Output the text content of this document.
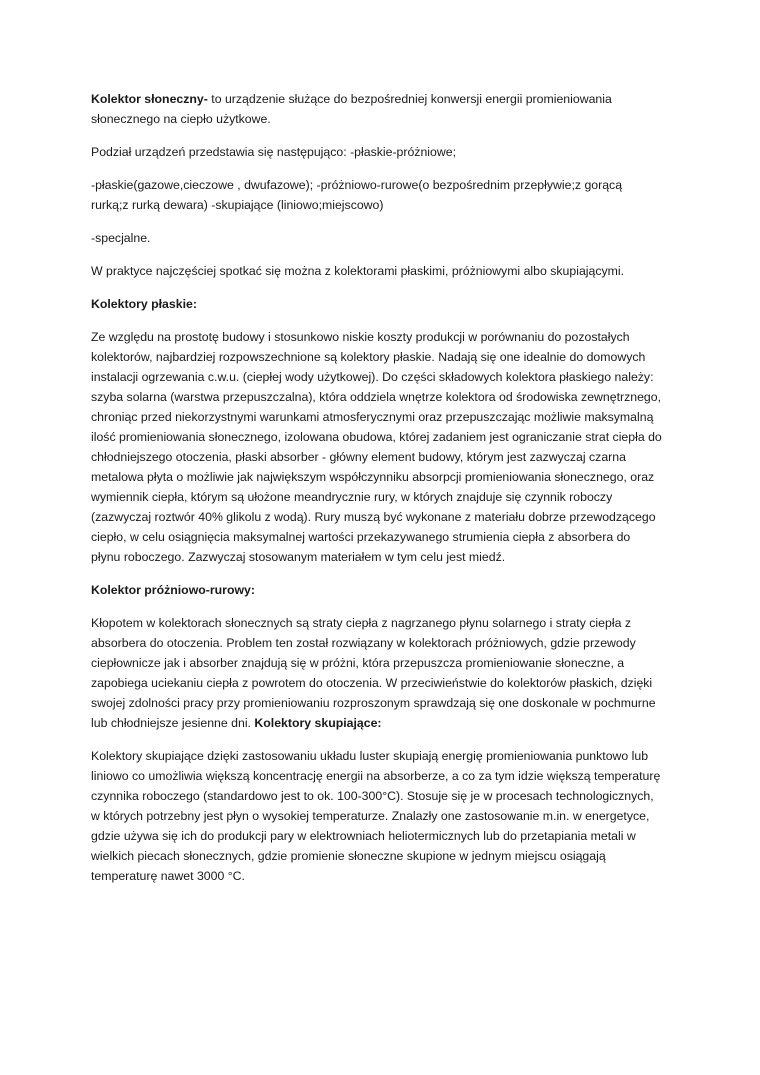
Kolektor słoneczny- to urządzenie służące do bezpośredniej konwersji energii promieniowania słonecznego na ciepło użytkowe.

Podział urządzeń przedstawia się następująco: -płaskie-próżniowe;

-płaskie(gazowe,cieczowe , dwufazowe); -próżniowo-rurowe(o bezpośrednim przepływie;z gorącą rurką;z rurką dewara) -skupiające (liniowo;miejscowo)

-specjalne.

W praktyce najczęściej spotkać się można z kolektorami płaskimi, próżniowymi albo skupiającymi.

Kolektory płaskie:

Ze względu na prostotę budowy i stosunkowo niskie koszty produkcji w porównaniu do pozostałych kolektorów, najbardziej rozpowszechnione są kolektory płaskie. Nadają się one idealnie do domowych instalacji ogrzewania c.w.u. (ciepłej wody użytkowej). Do części składowych kolektora płaskiego należy: szyba solarna (warstwa przepuszczalna), która oddziela wnętrze kolektora od środowiska zewnętrznego, chroniąc przed niekorzystnymi warunkami atmosferycznymi oraz przepuszczając możliwie maksymalną ilość promieniowania słonecznego, izolowana obudowa, której zadaniem jest ograniczanie strat ciepła do chłodniejszego otoczenia, płaski absorber - główny element budowy, którym jest zazwyczaj czarna metalowa płyta o możliwie jak największym współczynniku absorpcji promieniowania słonecznego, oraz wymiennik ciepła, którym są ułożone meandrycznie rury, w których znajduje się czynnik roboczy (zazwyczaj roztwór 40% glikolu z wodą). Rury muszą być wykonane z materiału dobrze przewodzącego ciepło, w celu osiągnięcia maksymalnej wartości przekazywanego strumienia ciepła z absorbera do płynu roboczego. Zazwyczaj stosowanym materiałem w tym celu jest miedź.

Kolektor próżniowo-rurowy:

Kłopotem w kolektorach słonecznych są straty ciepła z nagrzanego płynu solarnego i straty ciepła z absorbera do otoczenia. Problem ten został rozwiązany w kolektorach próżniowych, gdzie przewody ciepłownicze jak i absorber znajdują się w próżni, która przepuszcza promieniowanie słoneczne, a zapobiega uciekaniu ciepła z powrotem do otoczenia. W przeciwieństwie do kolektorów płaskich, dzięki swojej zdolności pracy przy promieniowaniu rozproszonym sprawdzają się one doskonale w pochmurne lub chłodniejsze jesienne dni. Kolektory skupiające:

Kolektory skupiające dzięki zastosowaniu układu luster skupiają energię promieniowania punktowo lub liniowo co umożliwia większą koncentrację energii na absorberze, a co za tym idzie większą temperaturę czynnika roboczego (standardowo jest to ok. 100-300°C). Stosuje się je w procesach technologicznych, w których potrzebny jest płyn o wysokiej temperaturze. Znalazły one zastosowanie m.in. w energetyce, gdzie używa się ich do produkcji pary w elektrowniach heliotermicznych lub do przetapiania metali w wielkich piecach słonecznych, gdzie promienie słoneczne skupione w jednym miejscu osiągają temperaturę nawet 3000 °C.
